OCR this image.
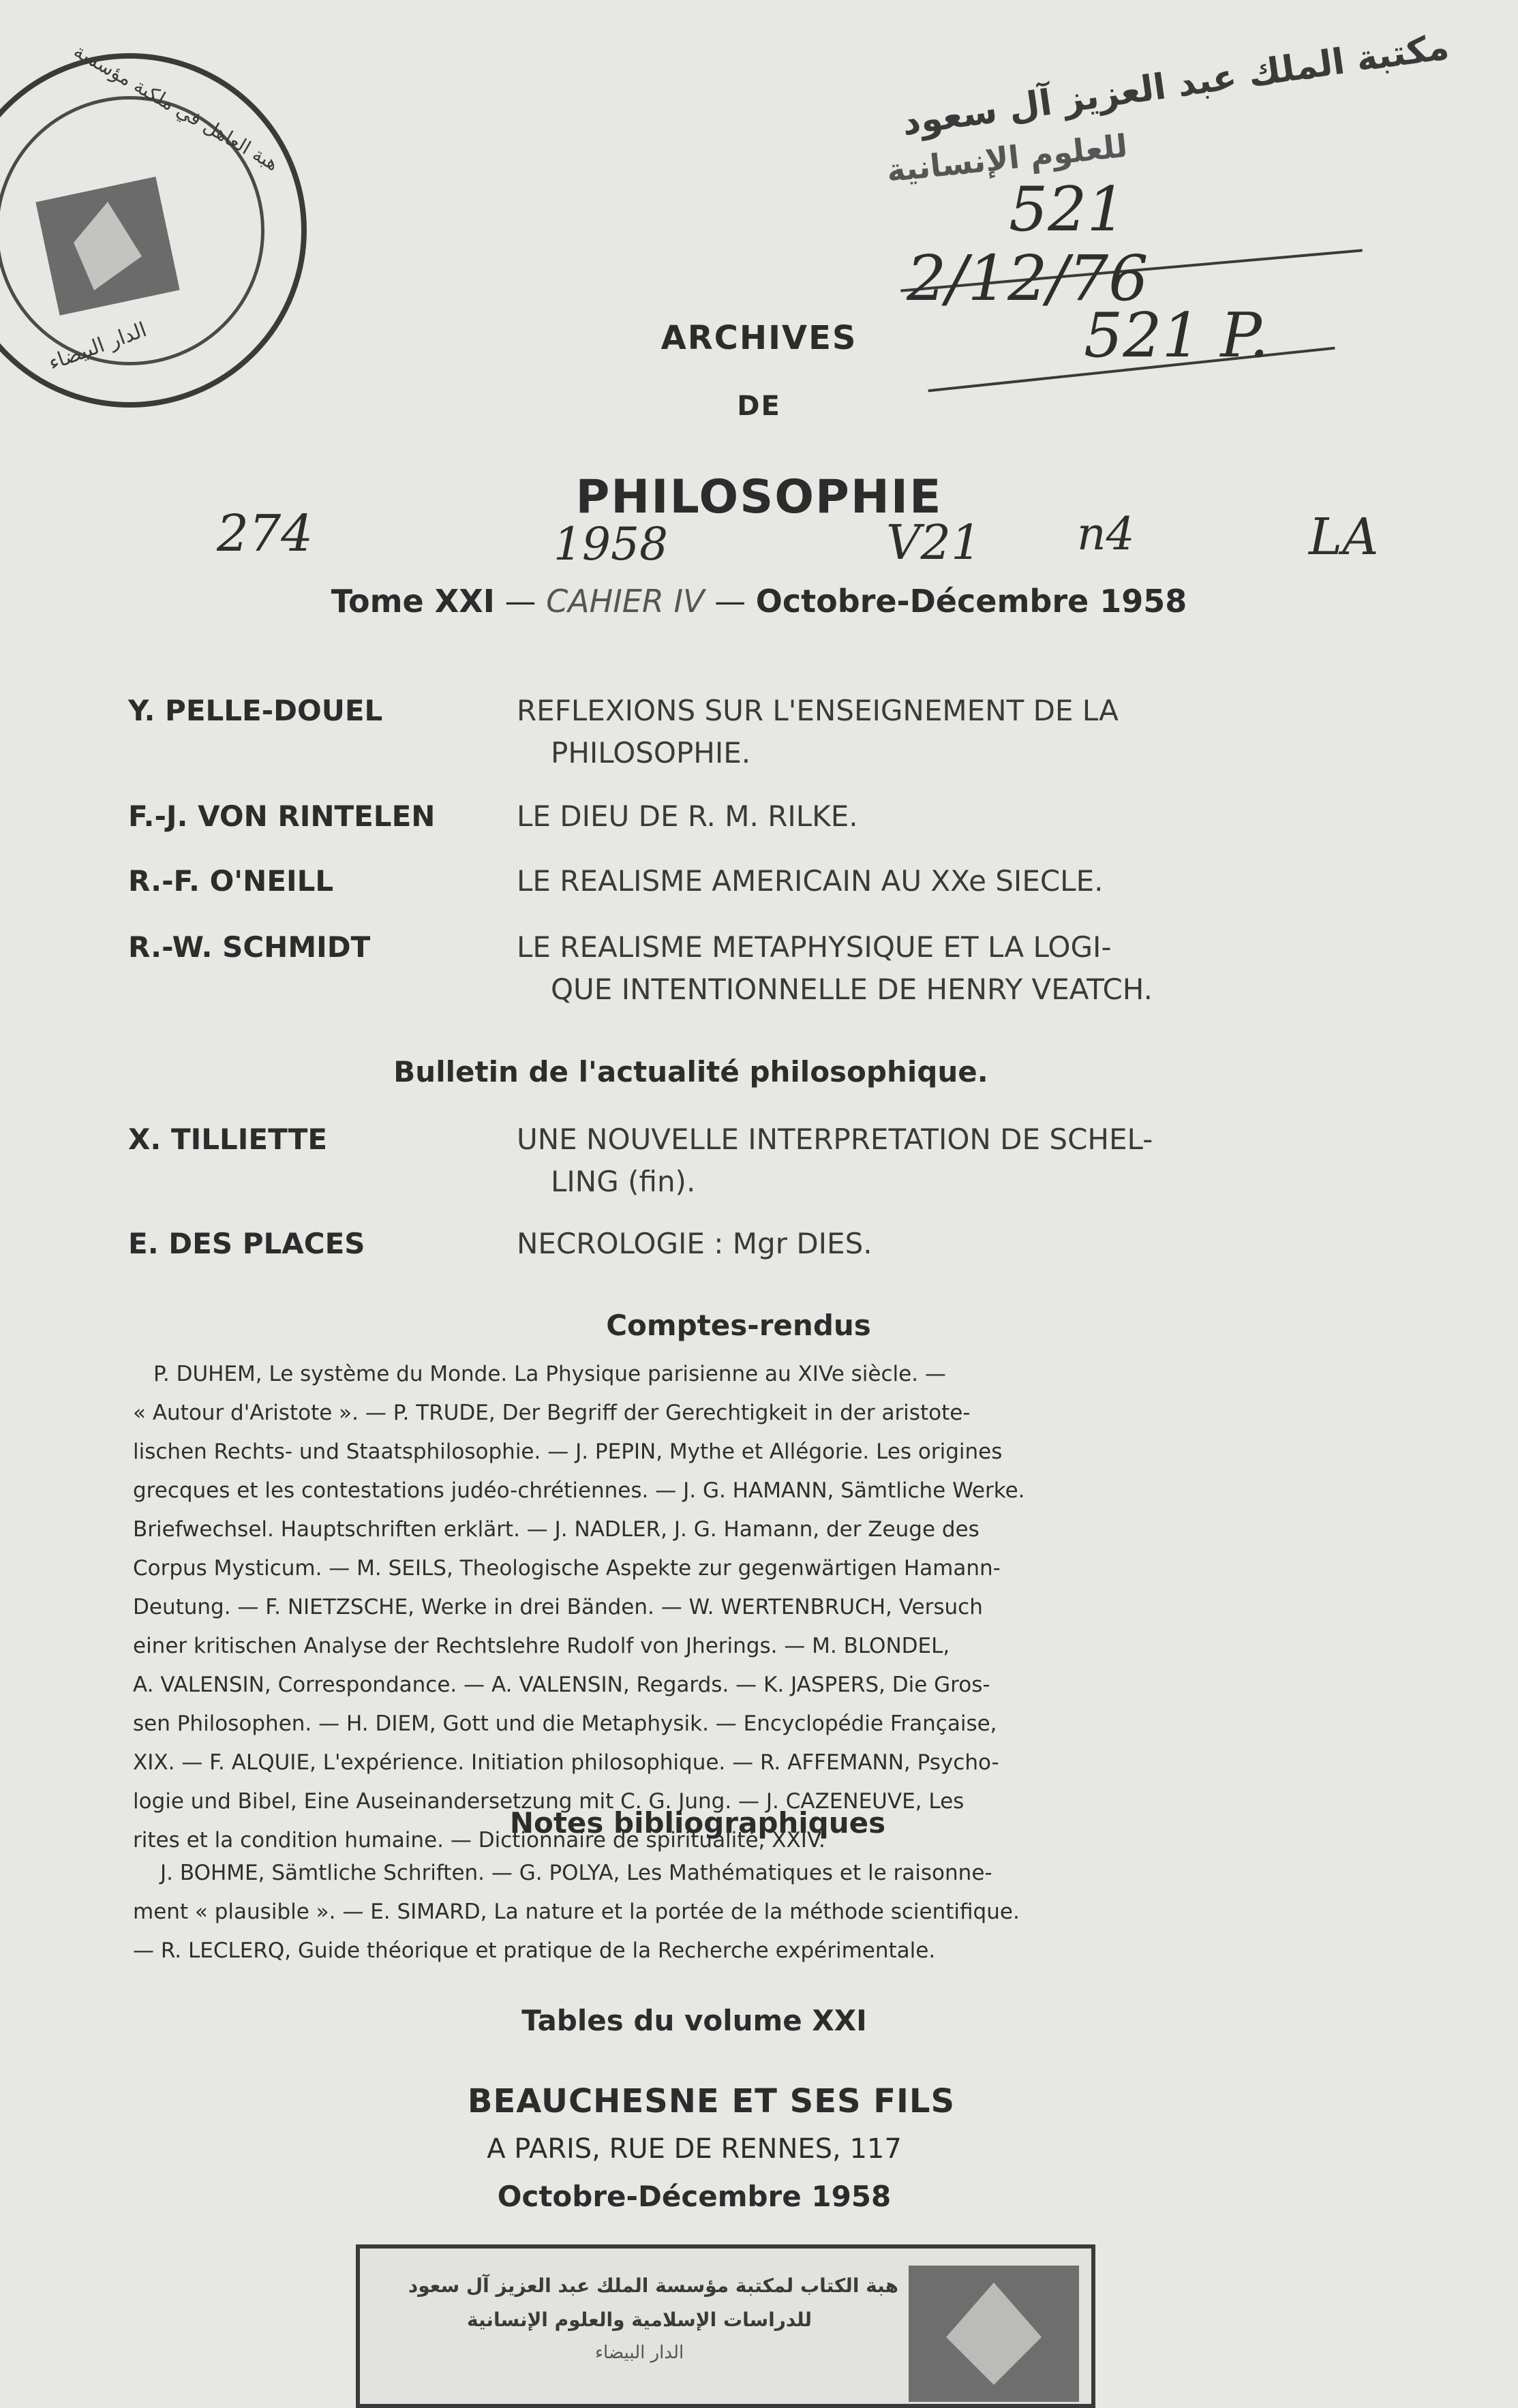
هبة العاهل في ملكية مؤسسة
الدار البيضاء
مكتبة الملك عبد العزيز آل سعود
للعلوم الإنسانية
521
2/12/76
521 P.
ARCHIVES
DE
PHILOSOPHIE
274	1958	V21 n4	LA
Tome XXI — CAHIER IV — Octobre-Décembre 1958
Y. PELLE-DOUEL	REFLEXIONS SUR L'ENSEIGNEMENT DE LA
PHILOSOPHIE.
F.-J. VON RINTELEN	LE DIEU DE R. M. RILKE.
R.-F. O'NEILL	LE REALISME AMERICAIN AU XXe SIECLE.
R.-W. SCHMIDT	LE REALISME METAPHYSIQUE ET LA LOGI-
QUE INTENTIONNELLE DE HENRY VEATCH.
Bulletin de l'actualité philosophique.
X. TILLIETTE	UNE NOUVELLE INTERPRETATION DE SCHEL-
LING (fin).
E. DES PLACES	NECROLOGIE : Mgr DIES.
Comptes-rendus
P. DUHEM, Le système du Monde. La Physique parisienne au XIVe siècle. —
« Autour d'Aristote ». — P. TRUDE, Der Begriff der Gerechtigkeit in der aristote-
lischen Rechts- und Staatsphilosophie. — J. PEPIN, Mythe et Allégorie. Les origines
grecques et les contestations judéo-chrétiennes. — J. G. HAMANN, Sämtliche Werke.
Briefwechsel. Hauptschriften erklärt. — J. NADLER, J. G. Hamann, der Zeuge des
Corpus Mysticum. — M. SEILS, Theologische Aspekte zur gegenwärtigen Hamann-
Deutung. — F. NIETZSCHE, Werke in drei Bänden. — W. WERTENBRUCH, Versuch
einer kritischen Analyse der Rechtslehre Rudolf von Jherings. — M. BLONDEL,
A. VALENSIN, Correspondance. — A. VALENSIN, Regards. — K. JASPERS, Die Gros-
sen Philosophen. — H. DIEM, Gott und die Metaphysik. — Encyclopédie Française,
XIX. — F. ALQUIE, L'expérience. Initiation philosophique. — R. AFFEMANN, Psycho-
logie und Bibel, Eine Auseinandersetzung mit C. G. Jung. — J. CAZENEUVE, Les
rites et la condition humaine. — Dictionnaire de spiritualité, XXIV.
Notes bibliographiques
J. BOHME, Sämtliche Schriften. — G. POLYA, Les Mathématiques et le raisonne-
ment « plausible ». — E. SIMARD, La nature et la portée de la méthode scientifique.
— R. LECLERQ, Guide théorique et pratique de la Recherche expérimentale.
Tables du volume XXI
BEAUCHESNE ET SES FILS
A PARIS, RUE DE RENNES, 117
Octobre-Décembre 1958
هبة الكتاب لمكتبة مؤسسة الملك عبد العزيز آل سعود
للدراسات الإسلامية والعلوم الإنسانية
الدار البيضاء
